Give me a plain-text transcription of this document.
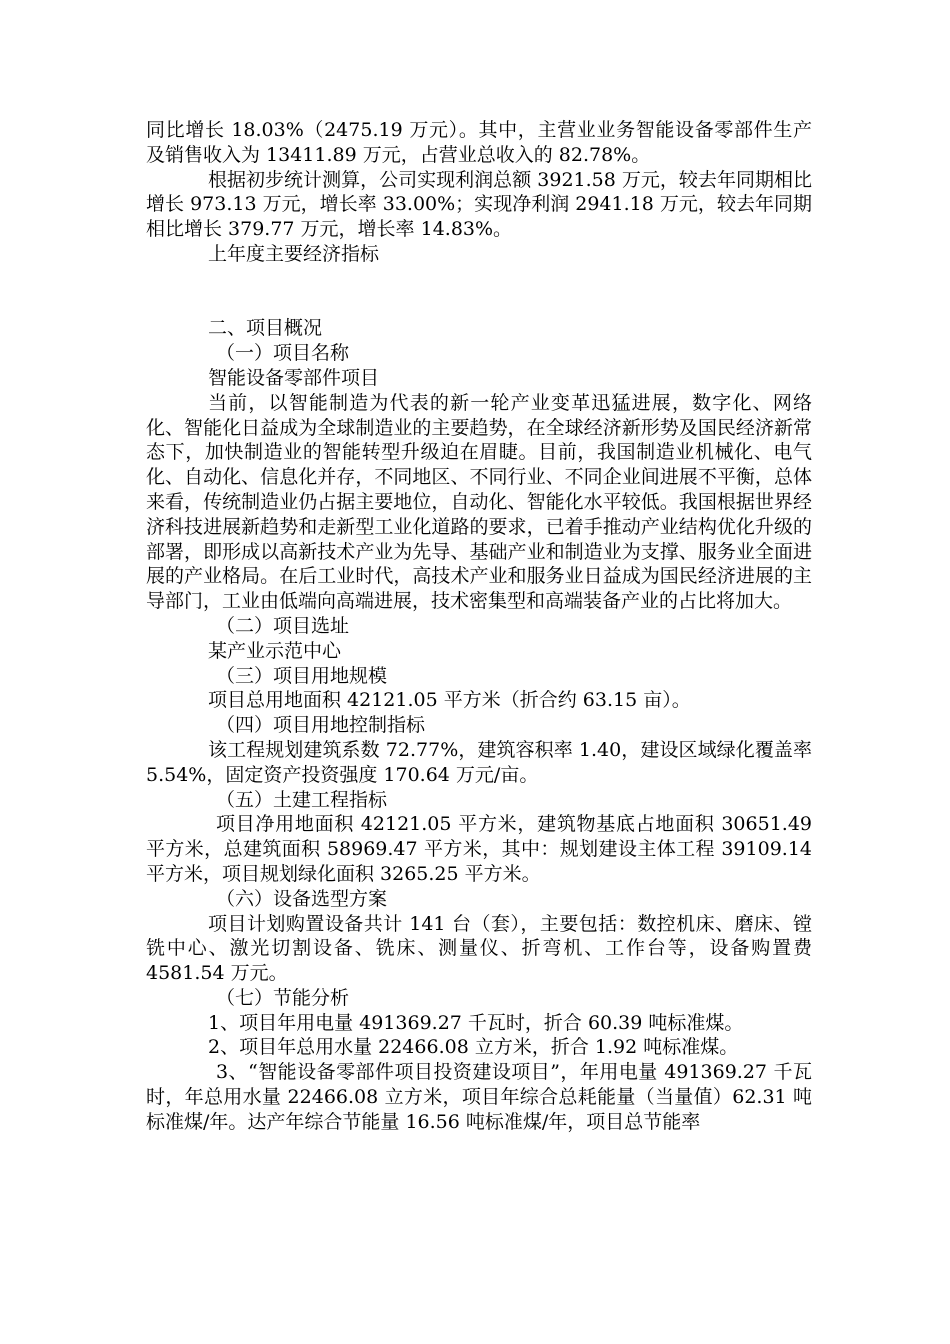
同比增长 18.03%（2475.19 万元）。其中，主营业业务智能设备零部件生产及销售收入为 13411.89 万元，占营业总收入的 82.78%。

根据初步统计测算，公司实现利润总额 3921.58 万元，较去年同期相比增长 973.13 万元，增长率 33.00%；实现净利润 2941.18 万元，较去年同期相比增长 379.77 万元，增长率 14.83%。

上年度主要经济指标

二、项目概况

（一）项目名称

智能设备零部件项目

当前，以智能制造为代表的新一轮产业变革迅猛进展，数字化、网络化、智能化日益成为全球制造业的主要趋势，在全球经济新形势及国民经济新常态下，加快制造业的智能转型升级迫在眉睫。目前，我国制造业机械化、电气化、自动化、信息化并存，不同地区、不同行业、不同企业间进展不平衡，总体来看，传统制造业仍占据主要地位，自动化、智能化水平较低。我国根据世界经济科技进展新趋势和走新型工业化道路的要求，已着手推动产业结构优化升级的部署，即形成以高新技术产业为先导、基础产业和制造业为支撑、服务业全面进展的产业格局。在后工业时代，高技术产业和服务业日益成为国民经济进展的主导部门，工业由低端向高端进展，技术密集型和高端装备产业的占比将加大。

（二）项目选址

某产业示范中心

（三）项目用地规模

项目总用地面积 42121.05 平方米（折合约 63.15 亩）。

（四）项目用地控制指标

该工程规划建筑系数 72.77%，建筑容积率 1.40，建设区域绿化覆盖率 5.54%，固定资产投资强度 170.64 万元/亩。

（五）土建工程指标

项目净用地面积 42121.05 平方米，建筑物基底占地面积 30651.49 平方米，总建筑面积 58969.47 平方米，其中：规划建设主体工程 39109.14 平方米，项目规划绿化面积 3265.25 平方米。

（六）设备选型方案

项目计划购置设备共计 141 台（套），主要包括：数控机床、磨床、镗铣中心、激光切割设备、铣床、测量仪、折弯机、工作台等，设备购置费 4581.54 万元。

（七）节能分析

1、项目年用电量 491369.27 千瓦时，折合 60.39 吨标准煤。

2、项目年总用水量 22466.08 立方米，折合 1.92 吨标准煤。

3、“智能设备零部件项目投资建设项目”，年用电量 491369.27 千瓦时，年总用水量 22466.08 立方米，项目年综合总耗能量（当量值）62.31 吨标准煤/年。达产年综合节能量 16.56 吨标准煤/年，项目总节能率
